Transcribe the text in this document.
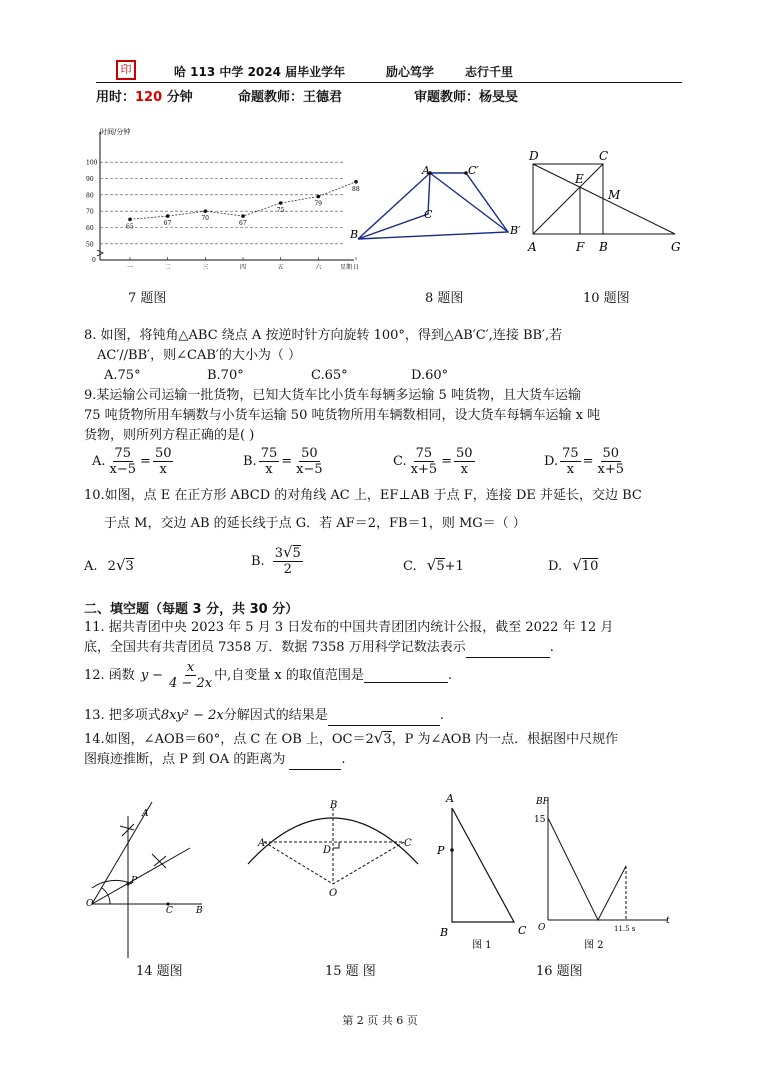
印	哈 113 中学 2024 届毕业学年	励心笃学	志行千里
用时：120 分钟	命题教师：王德君	审题教师：杨旻旻
时间/分钟
100
90
80
70
60
50
0
65
一
67
二
70
三
67
四
75
五
79
六
88
日
星期
7 题图
A	C′
C
B	B′
8 题图
D	C
E
M
A	F B	G
10 题图
8. 如图，将钝角△ABC 绕点 A 按逆时针方向旋转 100°，得到△AB′C′,连接 BB′,若
AC′//BB′，则∠CAB′的大小为（ ）
A.75°	B.70°	C.65°	D.60°
9.某运输公司运输一批货物，已知大货车比小货车每辆多运输 5 吨货物，且大货车运输
75 吨货物所用车辆数与小货车运输 50 吨货物所用车辆数相同，设大货车每辆车运输 x 吨
货物，则所列方程正确的是( )
A. $\frac{75}{x-5} = \frac{50}{x}$	B. $\frac{75}{x} = \frac{50}{x-5}$	C. $\frac{75}{x+5} = \frac{50}{x}$	D. $\frac{75}{x} = \frac{50}{x+5}$
10.如图，点 E 在正方形 ABCD 的对角线 AC 上，EF⊥AB 于点 F，连接 DE 并延长，交边 BC
于点 M，交边 AB 的延长线于点 G．若 AF＝2，FB＝1，则 MG＝（ ）
A. 2√3	B. $\frac{3√5}{2}$	C. √5+1	D. √10
二、填空题（每题 3 分，共 30 分）
11. 据共青团中央 2023 年 5 月 3 日发布的中国共青团团内统计公报，截至 2022 年 12 月
底，全国共有共青团员 7358 万．数据 7358 万用科学记数法表示	.
12. 函数 $y - \frac{x}{4 - 2x}$ 中,自变量 x 的取值范围是	.
13. 把多项式8xy² − 2x分解因式的结果是	.
14.如图，∠AOB＝60°，点 C 在 OB 上，OC＝2√3，P 为∠AOB 内一点．根据图中尺规作
图痕迹推断，点 P 到 OA 的距离为	.
A
P
O
C	B
14 题图
B
A
D
C
O
15 题 图
A
P
B	C
图 1
BP
15
O	11.5 s
t
图 2
16 题图
第 2 页 共 6 页
